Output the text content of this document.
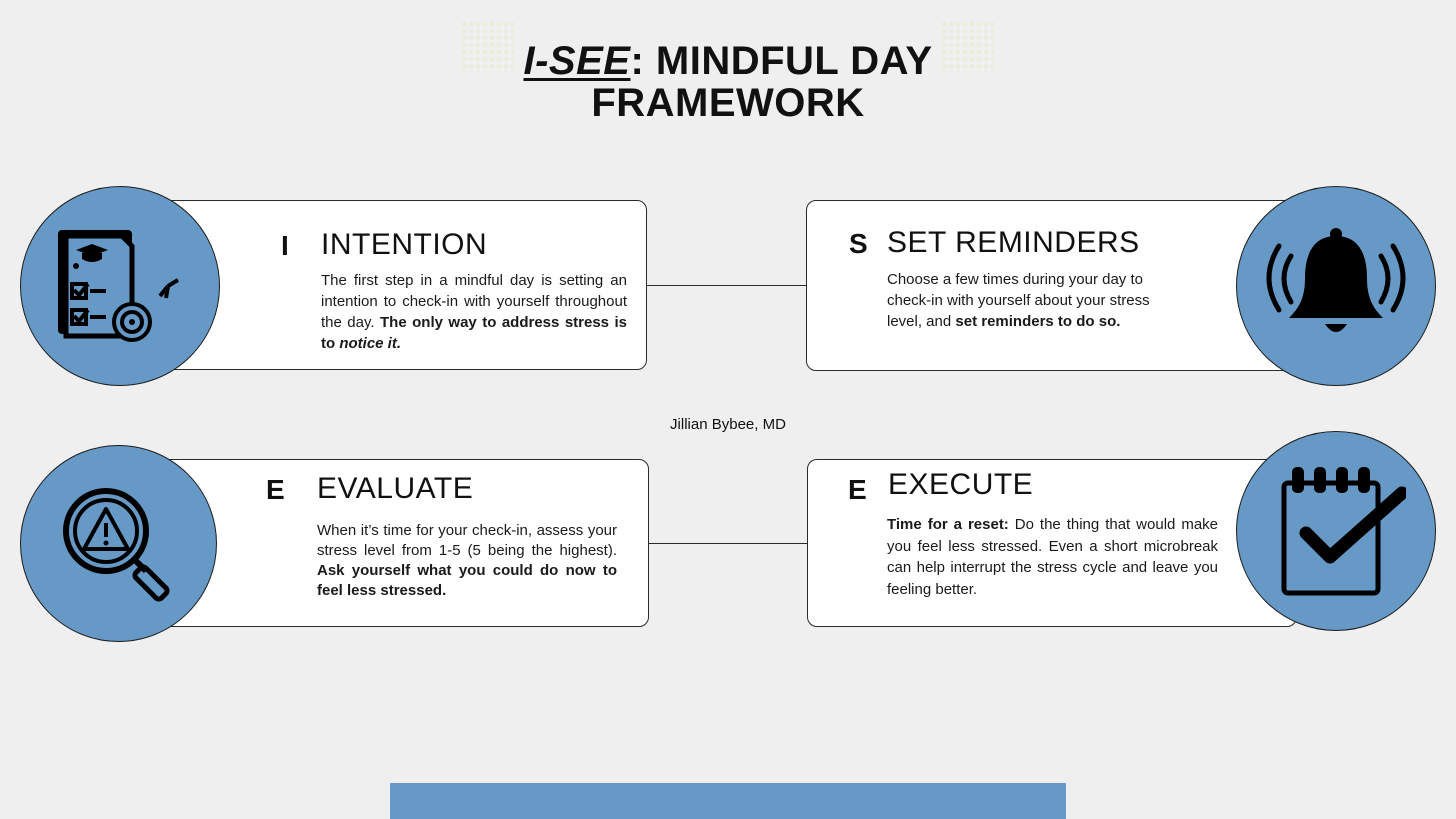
I-SEE: MINDFUL DAY
FRAMEWORK
I INTENTION
The first step in a mindful day is setting an intention to check-in with yourself throughout the day. The only way to address stress is to notice it.
S SET REMINDERS
Choose a few times during your day to check-in with yourself about your stress level, and set reminders to do so.
E EVALUATE
When it’s time for your check-in, assess your stress level from 1-5 (5 being the highest). Ask yourself what you could do now to feel less stressed.
E EXECUTE
Time for a reset: Do the thing that would make you feel less stressed. Even a short microbreak can help interrupt the stress cycle and leave you feeling better.
Jillian Bybee, MD
